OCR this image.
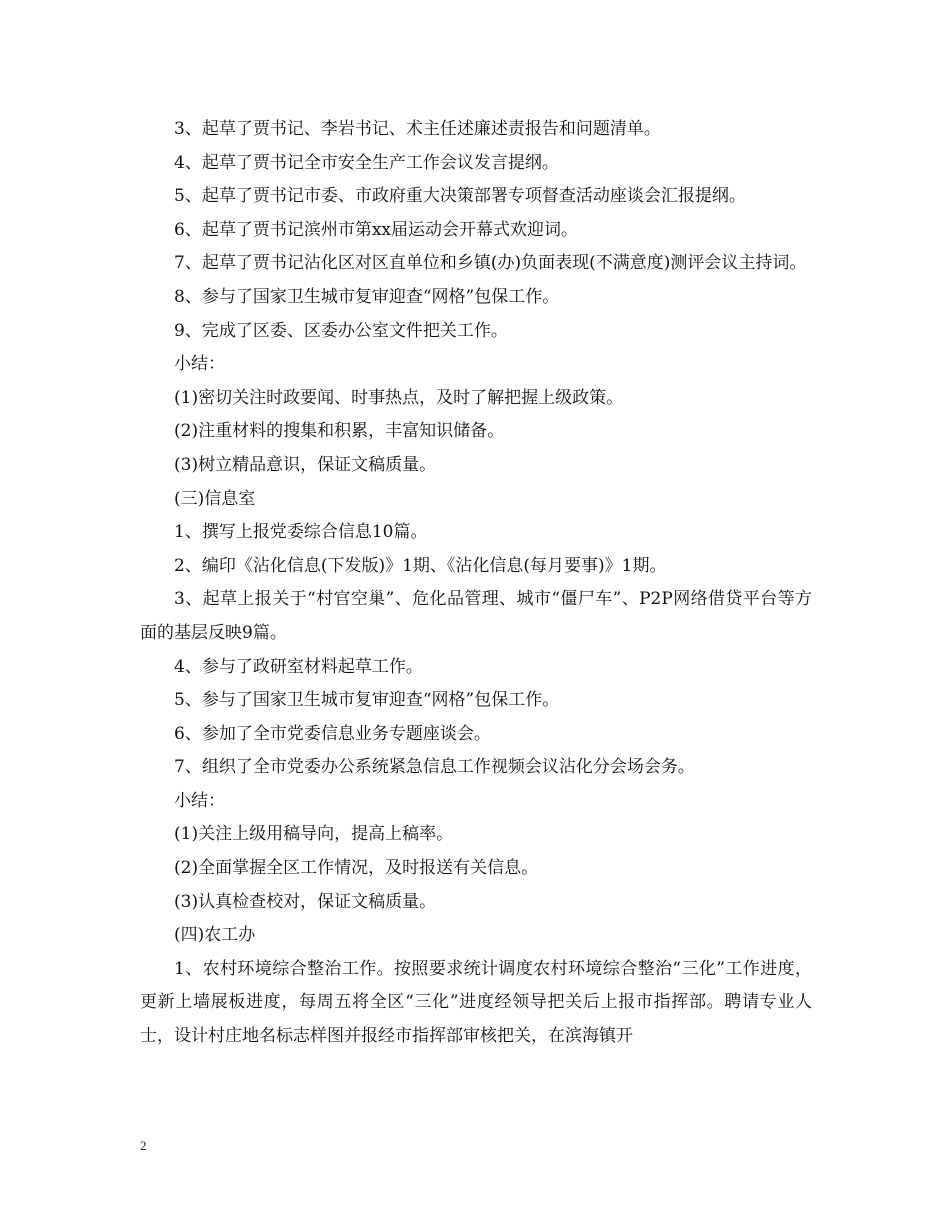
3、起草了贾书记、李岩书记、术主任述廉述责报告和问题清单。

4、起草了贾书记全市安全生产工作会议发言提纲。

5、起草了贾书记市委、市政府重大决策部署专项督查活动座谈会汇报提纲。

6、起草了贾书记滨州市第xx届运动会开幕式欢迎词。

7、起草了贾书记沾化区对区直单位和乡镇(办)负面表现(不满意度)测评会议主持词。

8、参与了国家卫生城市复审迎查“网格”包保工作。

9、完成了区委、区委办公室文件把关工作。

小结：

(1)密切关注时政要闻、时事热点，及时了解把握上级政策。

(2)注重材料的搜集和积累，丰富知识储备。

(3)树立精品意识，保证文稿质量。

(三)信息室

1、撰写上报党委综合信息10篇。

2、编印《沾化信息(下发版)》1期、《沾化信息(每月要事)》1期。

3、起草上报关于“村官空巢”、危化品管理、城市“僵尸车”、P2P网络借贷平台等方面的基层反映9篇。

4、参与了政研室材料起草工作。

5、参与了国家卫生城市复审迎查“网格”包保工作。

6、参加了全市党委信息业务专题座谈会。

7、组织了全市党委办公系统紧急信息工作视频会议沾化分会场会务。

小结：

(1)关注上级用稿导向，提高上稿率。

(2)全面掌握全区工作情况，及时报送有关信息。

(3)认真检查校对，保证文稿质量。

(四)农工办

1、农村环境综合整治工作。按照要求统计调度农村环境综合整治“三化”工作进度，更新上墙展板进度，每周五将全区“三化”进度经领导把关后上报市指挥部。聘请专业人士，设计村庄地名标志样图并报经市指挥部审核把关，在滨海镇开

2
